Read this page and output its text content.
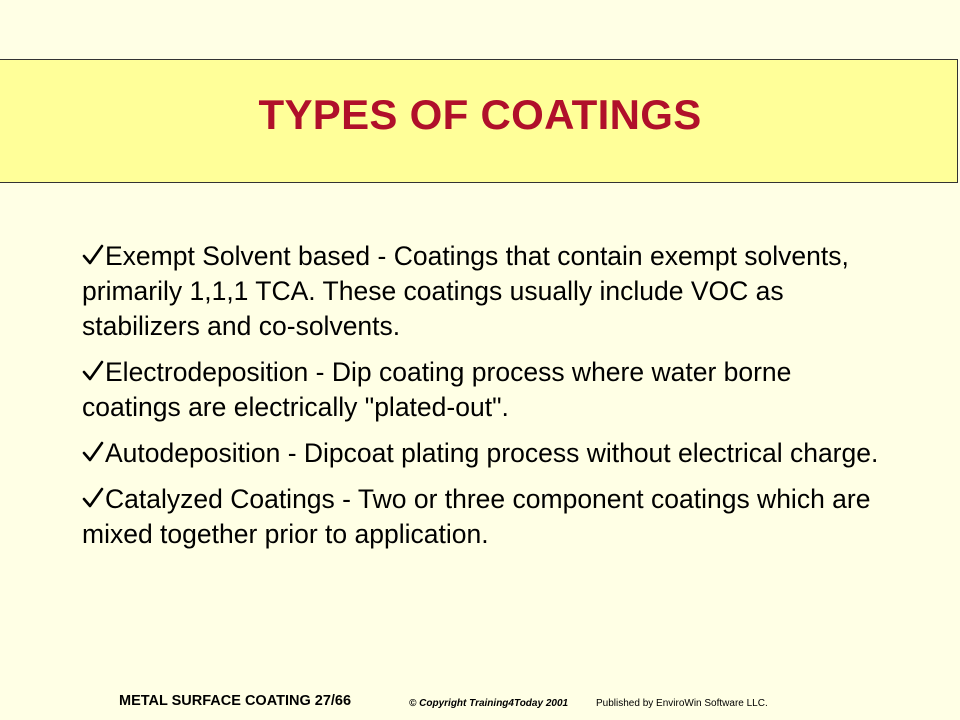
TYPES OF COATINGS
Exempt Solvent based - Coatings that contain exempt solvents, primarily 1,1,1 TCA. These coatings usually include VOC as stabilizers and co-solvents.
Electrodeposition - Dip coating process where water borne coatings are electrically "plated-out".
Autodeposition - Dipcoat plating process without electrical charge.
Catalyzed Coatings - Two or three component coatings which are mixed together prior to application.
METAL SURFACE COATING 27/66	© Copyright Training4Today 2001	Published by EnviroWin Software LLC.
